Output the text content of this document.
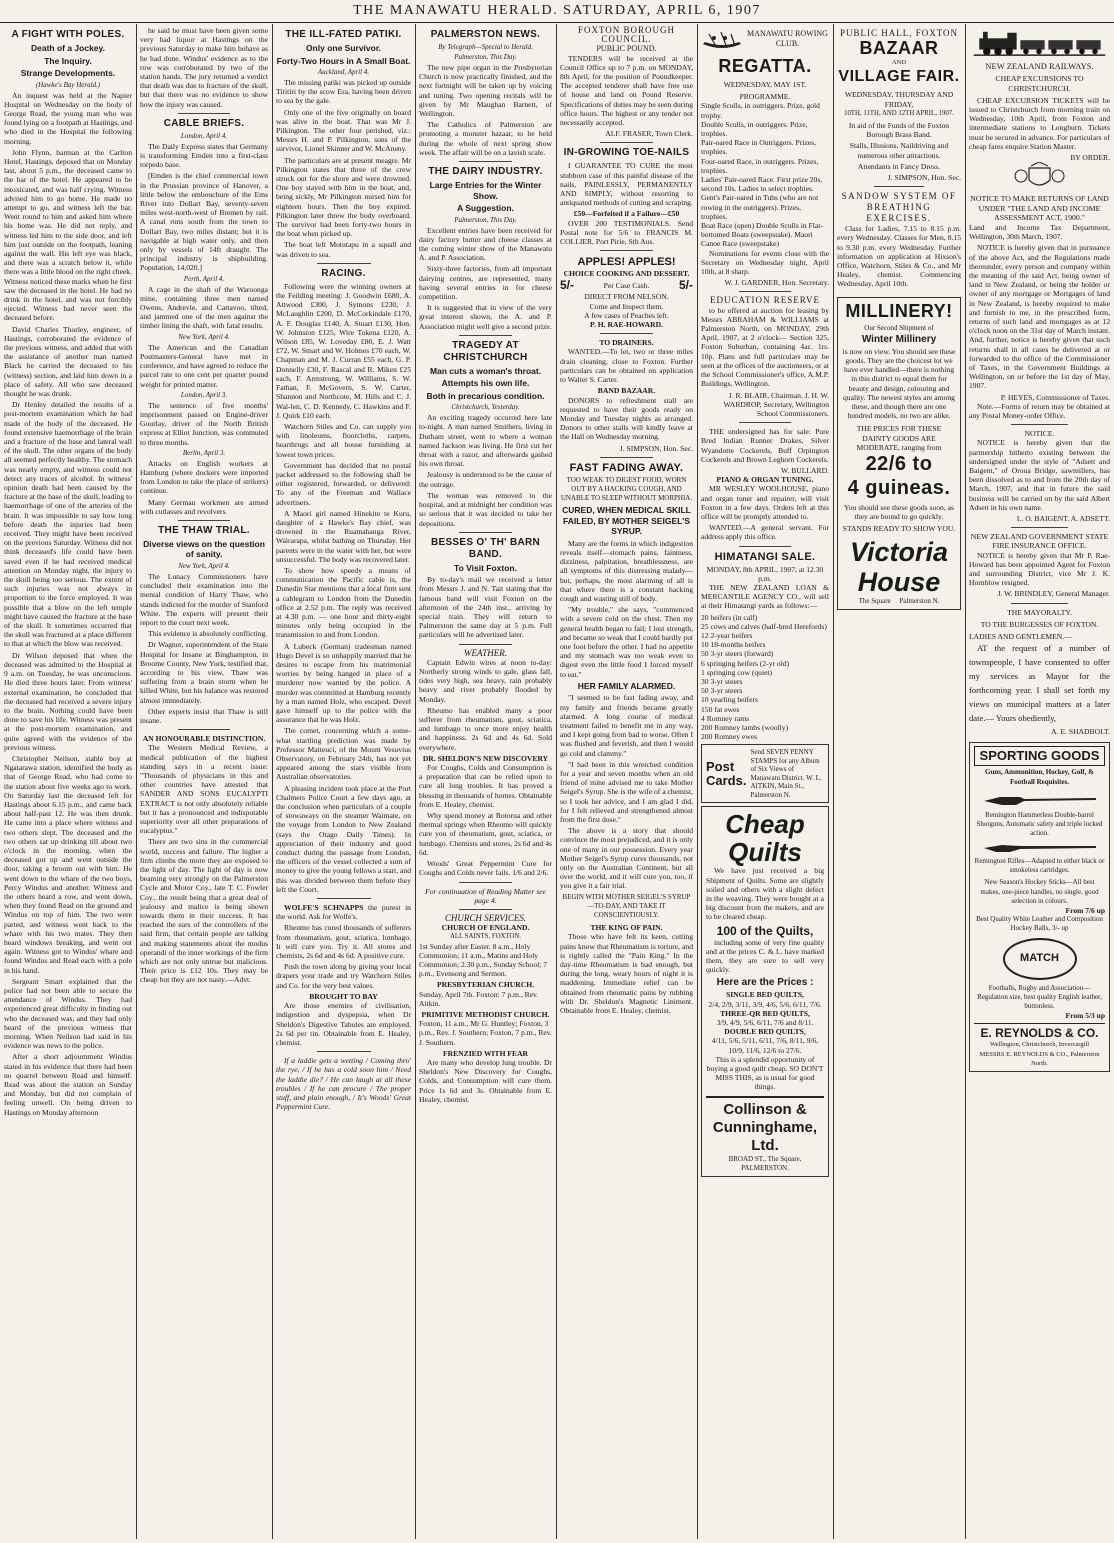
THE MANAWATU HERALD. SATURDAY, APRIL 6, 1907
A FIGHT WITH POLES.
Death of a Jockey.
The Inquiry.
Strange Developments.
(Hawke's Bay Herald.)

An inquest was held at the Napier Hospital on Wednesday on the body of George Read, the young man who was found lying on a footpath at Hastings, and who died in the Hospital the following morning.

John Flynn, barman at the Carlton Hotel, Hastings, deposed that on Monday last, about 5 p.m., the deceased came to the bar of the hotel. He appeared to be intoxicated, and was half crying. Witness advised him to go home. He made no attempt to go, and witness left the bar. Went round to him and asked him where his home was. He did not reply, and witness led him to the side door, and left him just outside on the footpath, leaning against the wall. His left eye was black, and there was a scratch below it, while there was a little blood on the right cheek. Witness noticed these marks when he first saw the deceased in the hotel. He had no drink in the hotel, and was not forcibly ejected. Witness had never seen the deceased before.

David Charles Thorley, engineer, of Hastings, corroborated the evidence of the previous witness, and added that with the assistance of another man named Black he carried the deceased to his (witness) section, and laid him down in a place of safety. All who saw deceased thought he was drunk.

Dr Henley detailed the results of a post-mortem examination which he had made of the body of the deceased. He found extensive haemorrhage of the brain and a fracture of the base and lateral wall of the skull. The other organs of the body all seemed perfectly healthy. The stomach was nearly empty, and witness could not detect any traces of alcohol. In witness' opinion death had been caused by the fracture at the base of the skull, leading to haemorrhage of one of the arteries of the brain. It was impossible to say how long before death the injuries had been received. They might have been received on the previous Saturday. Witness did not think deceased's life could have been saved even if he had received medical attention on Monday night, the injury to the skull being too serious. The extent of such injuries was not always in proportion to the force employed. It was possible that a blow on the left temple might have caused the fracture at the base of the skull. It sometimes occurred that the skull was fractured at a place different to that at which the blow was received.

Dr Wilson deposed that when the deceased was admitted to the Hospital at 9 a.m. on Tuesday, he was unconscious. He died three hours later. From witness' external examination, he concluded that the deceased had received a severe injury to the brain. Nothing could have been done to save his life. Witness was present at the post-mortem examination, and quite agreed with the evidence of the previous witness.

Christopher Neilson, stable boy at Ngatarawa station, identified the body as that of George Read, who had come to the station about five weeks ago to work. On Saturday last the deceased left for Hastings about 6.15 p.m., and came back about half-past 12. He was then drunk. He came into a place where witness and two others slept. The deceased and the two others sat up drinking till about two o'clock in the morning, when the deceased got up and went outside the door, taking a broom out with him. He went down to the whare of the two boys, Percy Windus and another. Witness and the others heard a row, and went down, when they found Read on the ground and Windus on top of him. The two were parted, and witness went back to the whare with his two mates. They then heard windows breaking, and went out again. Witness got to Windus' whare and found Windus and Read each with a pole in his hand.

Sergeant Smart explained that the police had not been able to secure the attendance of Windus. They had experienced great difficulty in finding out who the deceased was, and they had only heard of the previous witness that morning. When Neilson had said in his evidence was news to the police.

After a short adjournment Windus stated in his evidence that there had been no quarrel between Read and himself. Read was about the station on Sunday and Monday, but did not complain of feeling unwell. On being driven to Hastings on Monday afternoon

he said he must have been given some very bad liquor at Hastings on the previous Saturday to make him behave as he had done. Windus' evidence as to the row was corroborated by two of the station hands. The jury returned a verdict that death was due to fracture of the skull, but that there was no evidence to show how the injury was caused.

CABLE BRIEFS.
London, April 4.

The Daily Express states that Germany is transforming Emden into a first-class torpedo base.

[Emden is the chief commercial town in the Prussian province of Hanover, a little below the embouchure of the Ems River into Dollart Bay, seventy-seven miles west-north-west of Bremen by rail. A canal runs south from the town to Dollart Bay, two miles distant; but it is navigable at high water only, and then only by vessels of 14ft draught. The principal industry is shipbuilding. Population, 14,020.]

Perth, April 4.

A cage in the shaft of the Waroonga mine, containing three men named Owens, Andrevle, and Cattavoo, tilted, and jammed one of the men against the timber lining the shaft, with fatal results.

New York, April 4.

The American and the Canadian Postmasters-General have met in conference, and have agreed to reduce the parcel rate to one cent per quarter pound weight for printed matter.

London, April 3.

The sentence of five months' imprisonment passed on Engine-driver Gourlay, driver of the North British express at Elliot Junction, was commuted to three months.

Berlin, April 3.

Attacks on English workers at Hamburg (where dockers were imported from London to take the place of strikers) continue.

Many German workmen are armed with cutlasses and revolvers.

THE THAW TRIAL.
Diverse views on the question of sanity.
New York, April 4.

The Lunacy Commissioners have concluded their examination into the mental condition of Harry Thaw, who stands indicted for the murder of Stanford White. The experts will present their report to the court next week.

This evidence is absolutely conflicting.

Dr Wagner, superintendent of the State Hospital for Insane at Binghampton, in Broome County, New York, testified that, according to his view, Thaw was suffering from a brain storm when he killed White, but his balance was restored almost immediately.

Other experts insist that Thaw is still insane.

AN HONOURABLE DISTINCTION.

The Western Medical Review, a medical publication of the highest standing says in a recent issue: "Thousands of physicians in this and other countries have attested that SANDER AND SONS EUCALYPTI EXTRACT is not only absolutely reliable but it has a pronounced and indisputable superiority over all other preparations of eucalyptus."

There are two sins in the commercial world, success and failure. The higher a firm climbs the more they are exposed to the light of day. The light of day is now beaming very strongly on the Palmerston Cycle and Motor Coy., late T. C. Fowler Coy., the result being that a great deal of jealousy and malice is being shown towards them in their success. It has reached the ears of the controllers of the said firm, that certain people are talking and making statements about the modus operandi of the inner workings of the firm which are not only untrue but malicious. Their price is £12 10s. They may be cheap but they are not nasty.—Advt.

THE ILL-FATED PATIKI.
Only one Survivor.
Forty-Two Hours in A Small Boat.
Auckland, April 4.

The missing patiki was picked up outside Tiritiri by the scow Era, having been driven to sea by the gale.

Only one of the five originally on board was alive in the boat. That was Mr J. Pilkington. The other four perished, viz.: Messrs H. and P. Pilkington, sons of the survivor, Lionel Skinner and W. McAneny.

The particulars are at present meagre. Mr Pilkington states that three of the crew struck out for the shore and were drowned. One boy stayed with him in the boat, and, being sickly, Mr Pilkington nursed him for eighteen hours. Then the boy expired. Pilkington later threw the body overboard. The survivor had been forty-two hours in the boat when picked up.

The boat left Motutapu in a squall and was driven to sea.

RACING.

Following were the winning owners at the Feilding meeting: J. Goodwin £680, A. Attwood £300, J. Symons £230, J. McLaughlin £200, D. McCorkindale £170, A. F. Douglas £140, A. Stuart £130, Hon. W. Johnston £125, Wire Tokena £120, A. Wilson £85, W. Loveday £80, E. J. Watt £72, W. Smart and W. Holmes £70 each, W. Chapman and M. J. Curran £55 each, G. P. Donnelly £30, F. Rascal and R. Miken £25 each, F. Armstrong, W. Williams, S. W. Fathan, F. McGovern, S. W. Carter, Shannon and Northcote, M. Hills and C. J. Wal-len, C. D. Kennedy, C. Hawkins and F. J. Quirk £10 each.

Watchorn Stiles and Co. can supply you with linoleums, floorcloths, carpets, hearthrugs and all house furnishing at lowest town prices.

Government has decided that no postal packet addressed to the following shall be either registered, forwarded, or delivered: To any of the Freeman and Wallace advertisers.

A Maori girl named Hinekite te Kuru, daughter of a Hawke's Bay chief, was drowned in the Ruamahanga River, Wairarapa, whilst bathing on Thursday. Her parents were in the water with her, but were unsuccessful. The body was recovered later.

To show how speedy a means of communication the Pacific cable is, the Dunedin Star mentions that a local firm sent a cablegram to London from the Dunedin office at 2.52 p.m. The reply was received at 4.30 p.m. — one hour and thirty-eight minutes only being occupied in the transmission to and from London.

A Lubeck (German) tradesman named Hugo Devel is so unhappily married that he desires to escape from his matrimonial worries by being hanged in place of a murderer now wanted by the police. A murder was committed at Hamburg recently by a man named Holz, who escaped. Devel gave himself up to the police with the assurance that he was Holz.

The comet, concerning which a some-what startling prediction was made by Professor Matteuci, of the Mount Vesuvius Observatory, on February 24th, has not yet appeared among the stars visible from Australian observatories.

A pleasing incident took place at the Port Chalmers Police Court a few days ago, at the conclusion when particulars of a couple of stowaways on the steamer Waimate, on the voyage from London to New Zealand (says the Otago Daily Times). In appreciation of their industry and good conduct during the passage from London, the officers of the vessel collected a sum of money to give the young fellows a start, and this was divided between them before they left the Court.

WOLFE'S SCHNAPPS the purest in the world. Ask for Wolfe's.

Rheumo has cured thousands of sufferers from rheumatism, gout, sciatica, lumbago. It will cure you. Try it. All stores and chemists, 2s 6d and 4s 6d. A positive cure.

Push the town along by giving your local drapers your trade and try Watchorn Stiles and Co. for the very best values.

BROUGHT TO BAY

Are those enemies of civilisation, indigestion and dyspepsia, when Dr Sheldon's Digestive Tabules are employed. 2s 6d per tin. Obtainable from E. Healey, chemist.

If a laddie gets a wetting / Coming thro' the rye, / If he has a cold soon him / Need the laddie die? / He can laugh at all these troubles / If he can procure / The proper stuff, and plain enough, / It's Woods' Great Peppermint Cure.

PALMERSTON NEWS.
By Telegraph—Special to Herald.
Palmerston, This Day.

The new pipe organ in the Presbyterian Church is now practically finished, and the next fortnight will be taken up by voicing and tuning. Two opening recitals will be given by Mr Maughan Barnett, of Wellington.

The Catholics of Palmerston are promoting a monster bazaar, to be held during the whole of next spring show week. The affair will be on a lavish scale.

THE DAIRY INDUSTRY.
Large Entries for the Winter Show.
A Suggestion.
Palmerston, This Day.

Excellent entries have been received for dairy factory butter and cheese classes at the coming winter show of the Manawatu A. and P. Association.

Sixty-three factories, from all important dairying centres, are represented, many having several entries in for cheese competition.

It is suggested that in view of the very great interest shown, the A. and P. Association might well give a second prize.

TRAGEDY AT CHRISTCHURCH
Man cuts a woman's throat.
Attempts his own life.
Both in precarious condition.
Christchurch, Yesterday.

An exciting tragedy occurred here late to-night. A man named Smithers, living in Durham street, went to where a woman named Jackson was living. He first cut her throat with a razor, and afterwards gashed his own throat.

Jealousy is understood to be the cause of the outrage.

The woman was removed to the hospital, and at midnight her condition was so serious that it was decided to take her depositions.

BESSES O' TH' BARN BAND.
To Visit Foxton.

By to-day's mail we received a letter from Messrs J. and N. Tait stating that the famous band will visit Foxton on the afternoon of the 24th inst., arriving by special train. They will return to Palmerston the same day at 5 p.m. Full particulars will be advertised later.

WEATHER.

Captain Edwin wires at noon to-day: Northerly strong winds to gale, glass fall, tides very high, sea heavy, rain probably heavy and river probably flooded by Monday.

Rheumo has enabled many a poor sufferer from rheumatism, gout, sciatica, and lumbago to once more enjoy health and happiness. 2s 6d and 4s 6d. Sold everywhere.

DR. SHELDON'S NEW DISCOVERY

For Coughs, Colds and Consumption is a preparation that can be relied upon to cure all lung troubles. It has proved a blessing in thousands of homes. Obtainable from E. Healey, chemist.

Why spend money at Rotorua and other thermal springs when Rheumo will quickly cure you of rheumatism, gout, sciatica, or lumbago. Chemists and stores, 2s 6d and 4s 6d.

Woods' Great Peppermint Cure for Coughs and Colds never fails. 1/6 and 2/6.

For continuation of Reading Matter see page 4.
CHURCH SERVICES.
CHURCH OF ENGLAND.
ALL SAINTS, FOXTON.

1st Sunday after Easter. 8 a.m., Holy Communion; 11 a.m., Matins and Holy Communion; 2.30 p.m., Sunday School; 7 p.m., Evensong and Sermon.

PRESBYTERIAN CHURCH.

Sunday, April 7th. Foxton: 7 p.m., Rev. Aitkin.

PRIMITIVE METHODIST CHURCH.

Foxton, 11 a.m., Mr G. Huntley; Foxton, 3 p.m., Rev. J. Southern; Foxton, 7 p.m., Rev. J. Southern.

FRENZIED WITH FEAR

Are many who develop lung trouble. Dr Sheldon's New Discovery for Coughs, Colds, and Consumption will cure them. Price 1s 6d and 3s. Obtainable from E. Healey, chemist.

FOXTON BOROUGH COUNCIL.
PUBLIC POUND.

TENDERS will be received at the Council Office up to 7 p.m. on MONDAY, 8th April, for the position of Poundkeeper. The accepted tenderer shall have free use of house and land on Pound Reserve. Specifications of duties may be seen during office hours. The highest or any tender not necessarily accepted.

ALF. FRASER, Town Clerk.
IN-GROWING TOE-NAILS

I GUARANTEE TO CURE the most stubborn case of this painful disease of the nails, PAINLESSLY, PERMANENTLY AND SIMPLY, without resorting to antiquated methods of cutting and scraping.

£50—Forfeited if a Failure—£50

OVER 200 TESTIMONIALS. Send Postal note for 5/6 to FRANCIS M. COLLIER, Port Pirie, Sth Aus.

APPLES! APPLES!
CHOICE COOKING AND DESSERT.
5/-	Per Case Cash. 5/-
DIRECT FROM NELSON.
Come and Inspect them.
A few cases of Peaches left.
P. H. RAE-HOWARD.
TO DRAINERS.

WANTED.—To let, two or three miles drain cleaning, close to Foxton. Further particulars can be obtained on application to Walter S. Carter.

BAND BAZAAR.

DONORS to refreshment stall are requested to have their goods ready on Monday and Tuesday nights as arranged. Donors to other stalls will kindly leave at the Hall on Wednesday morning.

J. SIMPSON, Hon. Sec.
FAST FADING AWAY.
TOO WEAK TO DIGEST FOOD, WORN OUT BY A HACKING COUGH, AND UNABLE TO SLEEP WITHOUT MORPHIA.
CURED, WHEN MEDICAL SKILL FAILED, BY MOTHER SEIGEL'S SYRUP.

Many are the forms in which indigestion reveals itself—stomach pains, faintness, dizziness, palpitation, breathlessness, are all symptoms of this distressing malady—but, perhaps, the most alarming of all is that where there is a constant hacking cough and wasting still of body.

"My trouble," she says, "commenced with a severe cold on the chest. Then my general health began to fail; I lost strength, and became so weak that I could hardly put one foot before the other. I had no appetite and my stomach was too weak even to digest even the little food I forced myself to eat."

HER FAMILY ALARMED.

"I seemed to be fast fading away, and my family and friends became greatly alarmed. A long course of medical treatment failed to benefit me in any way, and I kept going from bad to worse. Often I was flushed and feverish, and then I would go cold and clammy."

"I had been in this wretched condition for a year and seven months when an old friend of mine advised me to take Mother Seigel's Syrup. She is the wife of a chemist, so I took her advice, and I am glad I did, for I felt relieved and strengthened almost from the first dose."

The above is a story that should convince the most prejudiced, and it is only one of many in our possession. Every year Mother Seigel's Syrup cures thousands, not only on the Australian Continent, but all over the world, and it will cure you, too, if you give it a fair trial.

BEGIN WITH MOTHER SEIGEL'S SYRUP—TO-DAY, AND TAKE IT CONSCIENTIOUSLY.
THE KING OF PAIN.

Those who have felt its keen, cutting pains know that Rheumatism is torture, and is rightly called the "Pain King." In the day-time Rheumatism is bad enough, but during the long, weary hours of night it is maddening. Immediate relief can be obtained from rheumatic pains by rubbing with Dr. Sheldon's Magnetic Liniment. Obtainable from E. Healey, chemist.

MANAWATU ROWING CLUB.
REGATTA.
WEDNESDAY, MAY 1ST.
PROGRAMME.
Single Sculls, in outriggers. Prize, gold trophy.
Double Sculls, in outriggers. Prize, trophies.
Pair-oared Race in Outriggers. Prizes, trophies.
Four-oared Race, in outriggers. Prizes, trophies.
Ladies' Pair-oared Race. First prize 20s, second 10s. Ladies to select trophies.
Gent's Pair-oared in Tubs (who are not rowing in the outriggers). Prizes, trophies.
Boat Race (open) Double Sculls in Flat-bottomed Boats (sweepstake). Maori Canoe Race (sweepstake)

Nominations for events close with the Secretary on Wednesday night, April 10th, at 8 sharp.

W. J. GARDNER, Hon. Secretary.
EDUCATION RESERVE

to be offered at auction for leasing by Messrs ABRAHAM & WILLIAMS at Palmerston North, on MONDAY, 29th April, 1907, at 2 o'clock— Section 325, Foxton Suburban, containing 4ac. 1rs. 10p. Plans and full particulars may be seen at the offices of the auctioneers, or at the School Commissioner's office, A.M.P. Buildings, Wellington.

J. R. BLAIR, Chairman. J. H. W. WARDROP, Secretary, Wellington School Commissioners.

THE undersigned has for sale: Pure Bred Indian Runner Drakes, Silver Wyandotte Cockerels, Buff Orpington Cockerels and Brown Leghorn Cockerels.

W. BULLARD.
PIANO & ORGAN TUNING.

MR WESLEY WOOLHOUSE, piano and organ tuner and repairer, will visit Foxton in a few days. Orders left at this office will be promptly attended to.

WANTED.—A general servant. For address apply this office.

HIMATANGI SALE.
MONDAY, 8th APRIL, 1907, at 12.30 p.m.

THE NEW ZEALAND LOAN & MERCANTILE AGENCY CO., will sell at their Himatangi yards as follows:—

20 heifers (in calf)
25 cows and calves (half-bred Herefords)
12 2-year heifers
10 18-months heifers
50 3-yr steers (forward)
6 springing heifers (2-yr old)
1 springing cow (quiet)
30 3-yr steers
50 3-yr steers
10 yearling heifers
150 fat ewes
4 Romney rams
200 Romney lambs (woolly)
200 Romney ewes
Post Cards.
Send SEVEN PENNY STAMPS for any Album of Six Views of Manawatu District. W. L. AITKIN, Main St., Palmerston N.
Cheap
Quilts

We have just received a big Shipment of Quilts. Some are slightly soiled and others with a slight defect in the weaving. They were bought at a big discount from the makers, and are to be cleared cheap.

100 of the Quilts,

including some of very fine quality and at the prices C. & L. have marked them, they are sure to sell very quickly.

Here are the Prices :
SINGLE BED QUILTS,
2/4, 2/9, 3/11, 3/9, 4/6, 5/6, 6/11, 7/6.
THREE-QR BED QUILTS,
3/9, 4/9, 5/6, 6/11, 7/6 and 8/11.
DOUBLE BED QUILTS,
4/11, 5/6, 5/11, 6/11, 7/6, 8/11, 9/6, 10/9, 11/6, 12/6 to 27/6.

This is a splendid opportunity of buying a good quilt cheap. SO DON'T MISS THIS, as is usual for good things.

Collinson &
Cunninghame, Ltd.
BROAD ST., The Square, PALMERSTON.
PUBLIC HALL, FOXTON
BAZAAR
AND
VILLAGE FAIR.
WEDNESDAY, THURSDAY AND FRIDAY,
10TH, 11TH, AND 12TH APRIL, 1907.

In aid of the Funds of the Foxton Borough Brass Band.

Stalls, Illusions, Naildriving and numerous other attractions.

Attendants in Fancy Dress.

J. SIMPSON, Hon. Sec.
SANDOW SYSTEM OF BREATHING EXERCISES.

Class for Ladies, 7.15 to 8.15 p.m. every Wednesday. Classes for Men, 8.15 to 9.30 p.m. every Wednesday. Further information on application at Hixson's Office, Watchorn, Stiles & Co., and Mr Healey, chemist. Commencing Wednesday, April 10th.

MILLINERY!
Our Second Shipment of
Winter Millinery

is now on view. You should see these goods. They are the choicest lot we have ever handled—there is nothing in this district to equal them for beauty and design, colouring and quality. The newest styles are among these, and though there are one hundred models, no two are alike.

THE PRICES FOR THESE DAINTY GOODS ARE MODERATE, ranging from
22/6 to
4 guineas.

You should see these goods soon, as they are bound to go quickly.

STANDS READY TO SHOW YOU.
Victoria
House
The Square     Palmerston N.
NEW ZEALAND RAILWAYS.
CHEAP EXCURSIONS TO CHRISTCHURCH.

CHEAP EXCURSION TICKETS will be issued to Christchurch from morning train on Wednesday, 10th April, from Foxton and intermediate stations to Longburn. Tickets must be secured in advance. For particulars of cheap fares enquire Station Master.

BY ORDER.
NOTICE TO MAKE RETURNS OF LAND UNDER "THE LAND AND INCOME ASSESSMENT ACT, 1900."

Land and Income Tax Department, Wellington, 30th March, 1907.

NOTICE is hereby given that in pursuance of the above Act, and the Regulations made thereunder, every person and company within the meaning of the said Act, being owner of land in New Zealand, or being the holder or owner of any mortgage or Mortgages of land in New Zealand, is hereby required to make and furnish to me, in the prescribed form, returns of such land and mortgages as at 12 o'clock noon on the 31st day of March instant. And, further, notice is hereby given that such returns shall in all cases be delivered at or forwarded to the office of the Commissioner of Taxes, in the Government Buildings at Wellington, on or before the 1st day of May, 1907.

P. HEYES, Commissioner of Taxes.

Note.—Forms of return may be obtained at any Postal Money-order Office.

NOTICE.

NOTICE is hereby given that the partnership hitherto existing between the undersigned under the style of "Adsett and Baigent," of Oroua Bridge, sawmillers, has been dissolved as to and from the 20th day of March, 1907, and that in future the said business will be carried on by the said Albert Adsett in his own name.

L. O. BAIGENT. A. ADSETT.
NEW ZEALAND GOVERNMENT STATE FIRE INSURANCE OFFICE.

NOTICE is hereby given that Mr P. Rae-Howard has been appointed Agent for Foxton and surrounding District, vice Mr J. K. Hornblow resigned.

J. W. BRINDLEY, General Manager.
THE MAYORALTY.
TO THE BURGESSES OF FOXTON.
LADIES AND GENTLEMEN.—

AT the request of a number of townspeople, I have consented to offer my services as Mayor for the forthcoming year. I shall set forth my views on municipal matters at a later date.— Yours obediently,

A. E. SHADBOLT.
SPORTING GOODS
Guns, Ammunition, Hockey, Golf, & Football Requisites.
Remington Hammerless Double-barrel Shotguns, Automatic safety and triple locked action.
Remington Rifles—Adapted to either black or smokeless cartridges.
New Season's Hockey Sticks—All best makes, one-piece handles, no single, good selection in colours.
From 7/6 up
Best Quality White Leather and Composition Hockey Balls, 3/- up
MATCH
Footballs, Rugby and Association—Regulation size, best quality English leather, buttonless.
From 5/3 up
E. REYNOLDS & CO.
Wellington, Christchurch, Invercargill
MESSRS E. REYNOLDS & CO., Palmerston North.
